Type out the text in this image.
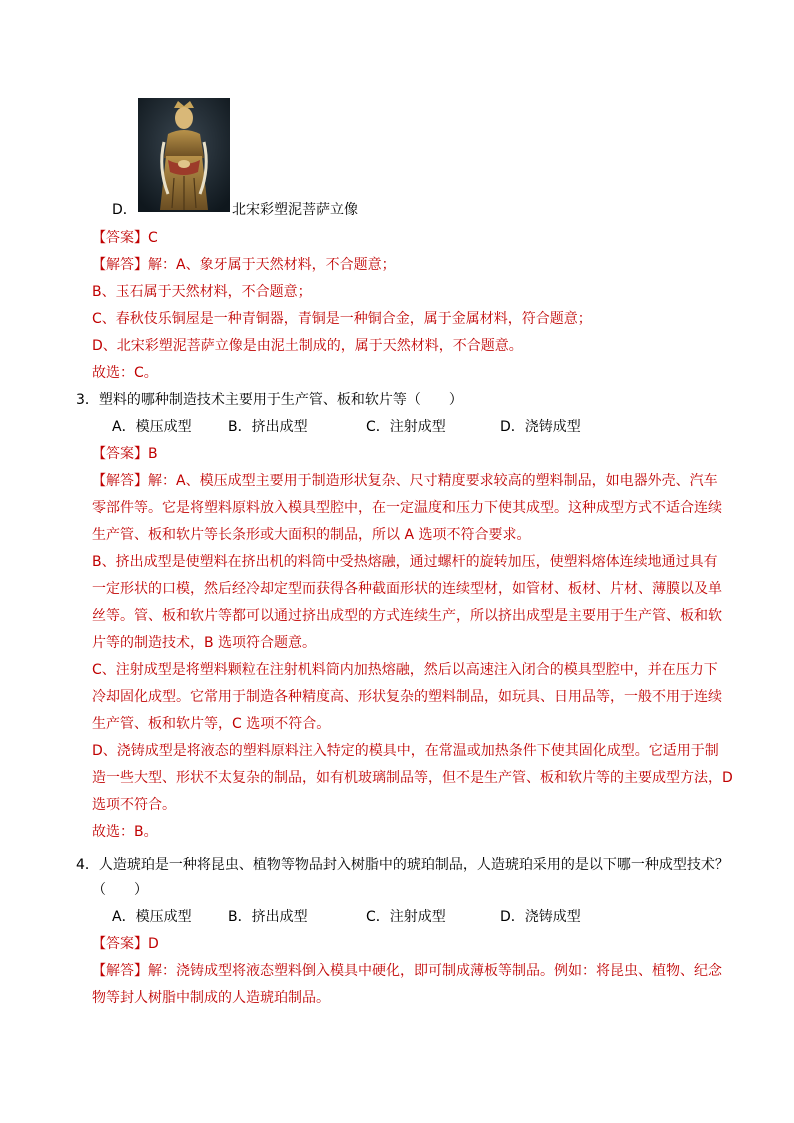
D．	北宋彩塑泥菩萨立像
【答案】C
【解答】解：A、象牙属于天然材料，不合题意；
B、玉石属于天然材料，不合题意；
C、春秋伎乐铜屋是一种青铜器，青铜是一种铜合金，属于金属材料，符合题意；
D、北宋彩塑泥菩萨立像是由泥土制成的，属于天然材料，不合题意。
故选：C。
3．塑料的哪种制造技术主要用于生产管、板和软片等（　　）
A．模压成型	B．挤出成型	C．注射成型	D．浇铸成型
【答案】B
【解答】解：A、模压成型主要用于制造形状复杂、尺寸精度要求较高的塑料制品，如电器外壳、汽车
零部件等。它是将塑料原料放入模具型腔中，在一定温度和压力下使其成型。这种成型方式不适合连续
生产管、板和软片等长条形或大面积的制品，所以 A 选项不符合要求。
B、挤出成型是使塑料在挤出机的料筒中受热熔融，通过螺杆的旋转加压，使塑料熔体连续地通过具有
一定形状的口模，然后经冷却定型而获得各种截面形状的连续型材，如管材、板材、片材、薄膜以及单
丝等。管、板和软片等都可以通过挤出成型的方式连续生产，所以挤出成型是主要用于生产管、板和软
片等的制造技术，B 选项符合题意。
C、注射成型是将塑料颗粒在注射机料筒内加热熔融，然后以高速注入闭合的模具型腔中，并在压力下
冷却固化成型。它常用于制造各种精度高、形状复杂的塑料制品，如玩具、日用品等，一般不用于连续
生产管、板和软片等，C 选项不符合。
D、浇铸成型是将液态的塑料原料注入特定的模具中，在常温或加热条件下使其固化成型。它适用于制
造一些大型、形状不太复杂的制品，如有机玻璃制品等，但不是生产管、板和软片等的主要成型方法，D
选项不符合。
故选：B。
4．人造琥珀是一种将昆虫、植物等物品封入树脂中的琥珀制品，人造琥珀采用的是以下哪一种成型技术？
（　　）
A．模压成型	B．挤出成型	C．注射成型	D．浇铸成型
【答案】D
【解答】解：浇铸成型将液态塑料倒入模具中硬化，即可制成薄板等制品。例如：将昆虫、植物、纪念
物等封人树脂中制成的人造琥珀制品。
